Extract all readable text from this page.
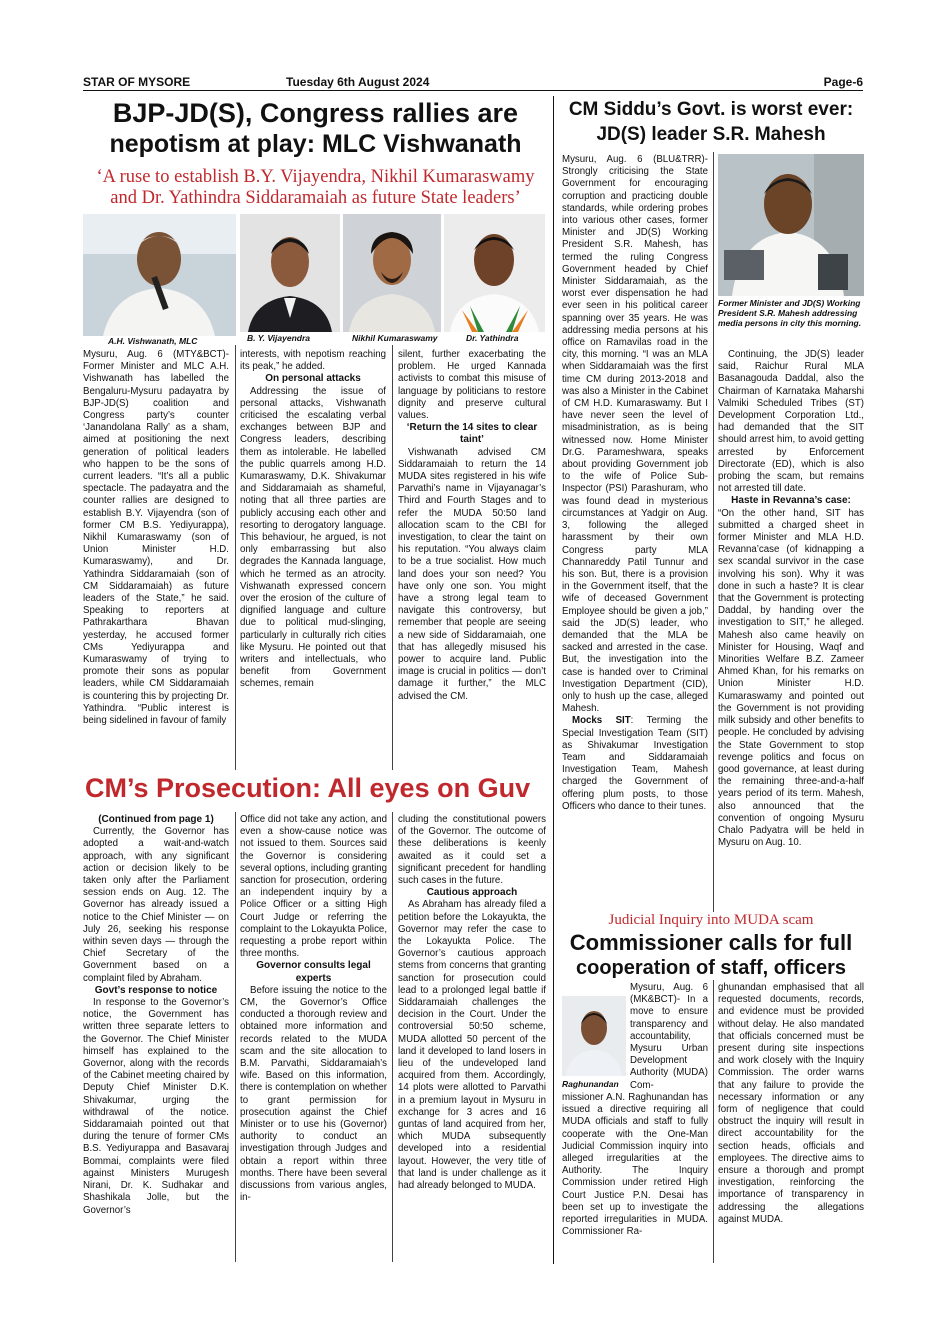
STAR OF MYSORE	Tuesday 6th August 2024	Page-6
BJP-JD(S), Congress rallies are
nepotism at play: MLC Vishwanath
‘A ruse to establish B.Y. Vijayendra, Nikhil Kumaraswamy
and Dr. Yathindra Siddaramaiah as future State leaders’
A.H. Vishwanath, MLC	B. Y. Vijayendra	Nikhil Kumaraswamy	Dr. Yathindra

Mysuru, Aug. 6 (MTY&BCT)- Former Minister and MLC A.H. Vishwanath has labelled the Bengaluru-Mysuru padayatra by BJP-JD(S) coalition and Congress party’s counter ‘Janandolana Rally’ as a sham, aimed at positioning the next generation of political leaders who happen to be the sons of current leaders. “It’s all a public spectacle. The padayatra and the counter rallies are designed to establish B.Y. Vijayendra (son of former CM B.S. Yediyurappa), Nikhil Kumaraswamy (son of Union Minister H.D. Kumaraswamy), and Dr. Yathindra Siddaramaiah (son of CM Siddaramaiah) as future leaders of the State,” he said. Speaking to reporters at Pathrakarthara Bhavan yesterday, he accused former CMs Yediyurappa and Kumaraswamy of trying to promote their sons as popular leaders, while CM Siddaramaiah is countering this by projecting Dr. Yathindra. “Public interest is being sidelined in favour of family

interests, with nepotism reaching its peak,” he added.

On personal attacks

Addressing the issue of personal attacks, Vishwanath criticised the escalating verbal exchanges between BJP and Congress leaders, describing them as intolerable. He labelled the public quarrels among H.D. Kumaraswamy, D.K. Shivakumar and Siddaramaiah as shameful, noting that all three parties are publicly accusing each other and resorting to derogatory language. This behaviour, he argued, is not only embarrassing but also degrades the Kannada language, which he termed as an atrocity. Vishwanath expressed concern over the erosion of the culture of dignified language and culture due to political mud-slinging, particularly in culturally rich cities like Mysuru. He pointed out that writers and intellectuals, who benefit from Government schemes, remain

silent, further exacerbating the problem. He urged Kannada activists to combat this misuse of language by politicians to restore dignity and preserve cultural values.

‘Return the 14 sites to clear taint’

Vishwanath advised CM Siddaramaiah to return the 14 MUDA sites registered in his wife Parvathi’s name in Vijayanagar’s Third and Fourth Stages and to refer the MUDA 50:50 land allocation scam to the CBI for investigation, to clear the taint on his reputation. “You always claim to be a true socialist. How much land does your son need? You have only one son. You might have a strong legal team to navigate this controversy, but remember that people are seeing a new side of Siddaramaiah, one that has allegedly misused his power to acquire land. Public image is crucial in politics — don’t damage it further,” the MLC advised the CM.

CM’s Prosecution: All eyes on Guv

(Continued from page 1)

Currently, the Governor has adopted a wait-and-watch approach, with any significant action or decision likely to be taken only after the Parliament session ends on Aug. 12. The Governor has already issued a notice to the Chief Minister — on July 26, seeking his response within seven days — through the Chief Secretary of the Government based on a complaint filed by Abraham.

Govt’s response to notice

In response to the Governor’s notice, the Government has written three separate letters to the Governor. The Chief Minister himself has explained to the Governor, along with the records of the Cabinet meeting chaired by Deputy Chief Minister D.K. Shivakumar, urging the withdrawal of the notice. Siddaramaiah pointed out that during the tenure of former CMs B.S. Yediyurappa and Basavaraj Bommai, complaints were filed against Ministers Murugesh Nirani, Dr. K. Sudhakar and Shashikala Jolle, but the Governor’s

Office did not take any action, and even a show-cause notice was not issued to them. Sources said the Governor is considering several options, including granting sanction for prosecution, ordering an independent inquiry by a Police Officer or a sitting High Court Judge or referring the complaint to the Lokayukta Police, requesting a probe report within three months.

Governor consults legal experts

Before issuing the notice to the CM, the Governor’s Office conducted a thorough review and obtained more information and records related to the MUDA scam and the site allocation to B.M. Parvathi, Siddaramaiah’s wife. Based on this information, there is contemplation on whether to grant permission for prosecution against the Chief Minister or to use his (Governor) authority to conduct an investigation through Judges and obtain a report within three months. There have been several discussions from various angles, in-

cluding the constitutional powers of the Governor. The outcome of these deliberations is keenly awaited as it could set a significant precedent for handling such cases in the future.

Cautious approach

As Abraham has already filed a petition before the Lokayukta, the Governor may refer the case to the Lokayukta Police. The Governor’s cautious approach stems from concerns that granting sanction for prosecution could lead to a prolonged legal battle if Siddaramaiah challenges the decision in the Court. Under the controversial 50:50 scheme, MUDA allotted 50 percent of the land it developed to land losers in lieu of the undeveloped land acquired from them. Accordingly, 14 plots were allotted to Parvathi in a premium layout in Mysuru in exchange for 3 acres and 16 guntas of land acquired from her, which MUDA subsequently developed into a residential layout. However, the very title of that land is under challenge as it had already belonged to MUDA.

CM Siddu’s Govt. is worst ever:
JD(S) leader S.R. Mahesh

Mysuru, Aug. 6 (BLU&TRR)- Strongly criticising the State Government for encouraging corruption and practicing double standards, while ordering probes into various other cases, former Minister and JD(S) Working President S.R. Mahesh, has termed the ruling Congress Government headed by Chief Minister Siddaramaiah, as the worst ever dispensation he had ever seen in his political career spanning over 35 years. He was addressing media persons at his office on Ramavilas road in the city, this morning. “I was an MLA when Siddaramaiah was the first time CM during 2013-2018 and was also a Minister in the Cabinet of CM H.D. Kumaraswamy. But I have never seen the level of misadministration, as is being witnessed now. Home Minister Dr.G. Parameshwara, speaks about providing Government job to the wife of Police Sub-Inspector (PSI) Parashuram, who was found dead in mysterious circumstances at Yadgir on Aug. 3, following the alleged harassment by their own Congress party MLA Channareddy Patil Tunnur and his son. But, there is a provision in the Government itself, that the wife of deceased Government Employee should be given a job,” said the JD(S) leader, who demanded that the MLA be sacked and arrested in the case. But, the investigation into the case is handed over to Criminal Investigation Department (CID), only to hush up the case, alleged Mahesh.

Mocks SIT: Terming the Special Investigation Team (SIT) as Shivakumar Investigation Team and Siddaramaiah Investigation Team, Mahesh charged the Government of offering plum posts, to those Officers who dance to their tunes.

Former Minister and JD(S) Working President S.R. Mahesh addressing media persons in city this morning.

Continuing, the JD(S) leader said, Raichur Rural MLA Basanagouda Daddal, also the Chairman of Karnataka Maharshi Valmiki Scheduled Tribes (ST) Development Corporation Ltd., had demanded that the SIT should arrest him, to avoid getting arrested by Enforcement Directorate (ED), which is also probing the scam, but remains not arrested till date.

Haste in Revanna’s case:

“On the other hand, SIT has submitted a charged sheet in former Minister and MLA H.D. Revanna’case (of kidnapping a sex scandal survivor in the case involving his son). Why it was done in such a haste? It is clear that the Government is protecting Daddal, by handing over the investigation to SIT,” he alleged. Mahesh also came heavily on Minister for Housing, Waqf and Minorities Welfare B.Z. Zameer Ahmed Khan, for his remarks on Union Minister H.D. Kumaraswamy and pointed out the Government is not providing milk subsidy and other benefits to people. He concluded by advising the State Government to stop revenge politics and focus on good governance, at least during the remaining three-and-a-half years period of its term. Mahesh, also announced that the convention of ongoing Mysuru Chalo Padyatra will be held in Mysuru on Aug. 10.

Judicial Inquiry into MUDA scam
Commissioner calls for full
cooperation of staff, officers
Raghunandan

Mysuru, Aug. 6 (MK&BCT)- In a move to ensure transparency and accountability, Mysuru Urban Development Authority (MUDA) Com-

missioner A.N. Raghunandan has issued a directive requiring all MUDA officials and staff to fully cooperate with the One-Man Judicial Commission inquiry into alleged irregularities at the Authority. The Inquiry Commission under retired High Court Justice P.N. Desai has been set up to investigate the reported irregularities in MUDA. Commissioner Ra-

ghunandan emphasised that all requested documents, records, and evidence must be provided without delay. He also mandated that officials concerned must be present during site inspections and work closely with the Inquiry Commission. The order warns that any failure to provide the necessary information or any form of negligence that could obstruct the inquiry will result in direct accountability for the section heads, officials and employees. The directive aims to ensure a thorough and prompt investigation, reinforcing the importance of transparency in addressing the allegations against MUDA.
